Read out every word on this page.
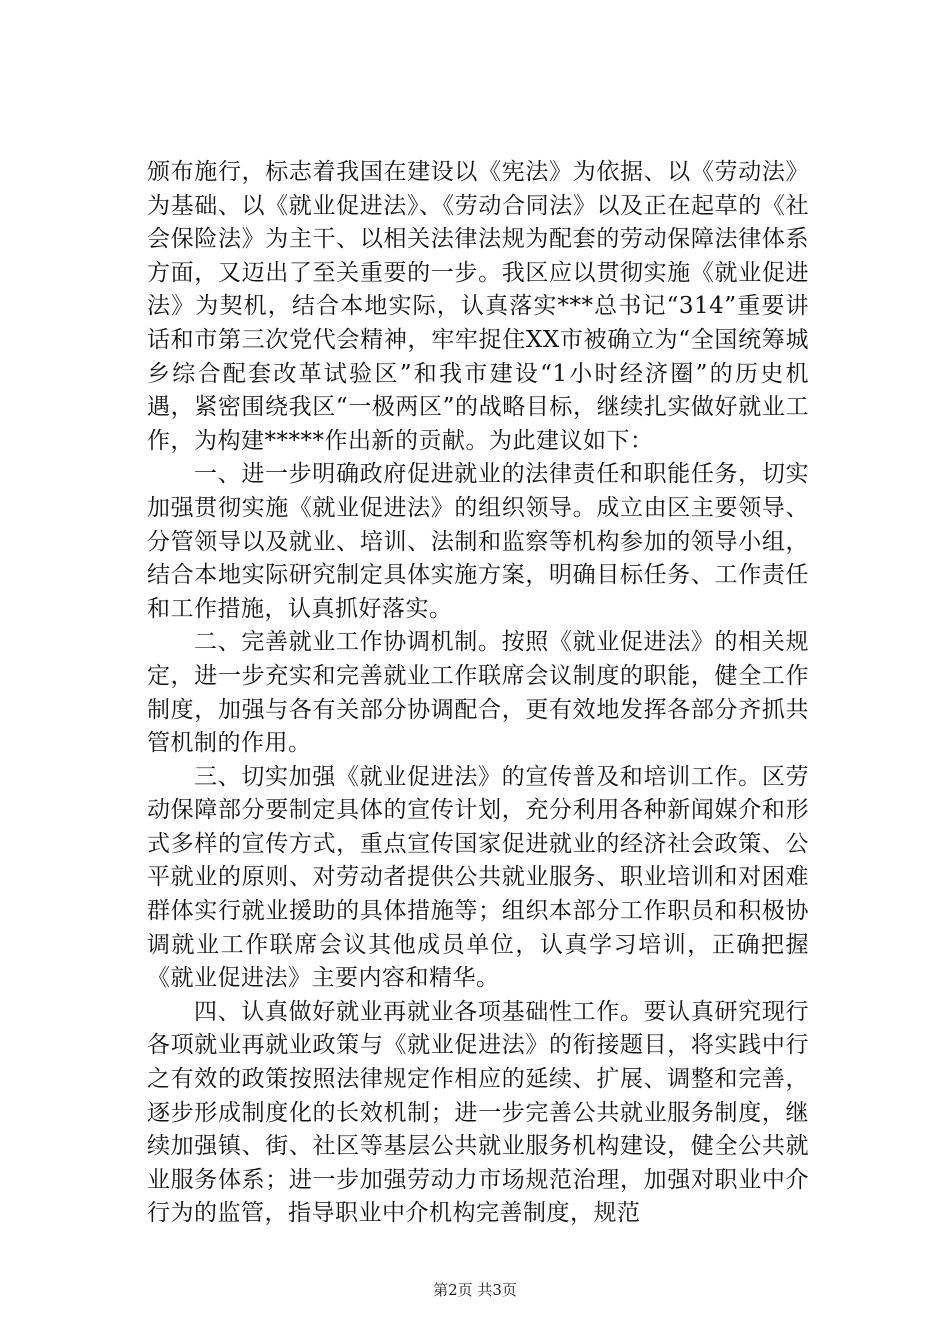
颁布施行，标志着我国在建设以《宪法》为依据、以《劳动法》为基础、以《就业促进法》、《劳动合同法》以及正在起草的《社会保险法》为主干、以相关法律法规为配套的劳动保障法律体系方面，又迈出了至关重要的一步。我区应以贯彻实施《就业促进法》为契机，结合本地实际，认真落实***总书记“314”重要讲话和市第三次党代会精神，牢牢捉住XX市被确立为“全国统筹城乡综合配套改革试验区”和我市建设“1小时经济圈”的历史机遇，紧密围绕我区“一极两区”的战略目标，继续扎实做好就业工作，为构建*****作出新的贡献。为此建议如下：

一、进一步明确政府促进就业的法律责任和职能任务，切实加强贯彻实施《就业促进法》的组织领导。成立由区主要领导、分管领导以及就业、培训、法制和监察等机构参加的领导小组，结合本地实际研究制定具体实施方案，明确目标任务、工作责任和工作措施，认真抓好落实。

二、完善就业工作协调机制。按照《就业促进法》的相关规定，进一步充实和完善就业工作联席会议制度的职能，健全工作制度，加强与各有关部分协调配合，更有效地发挥各部分齐抓共管机制的作用。

三、切实加强《就业促进法》的宣传普及和培训工作。区劳动保障部分要制定具体的宣传计划，充分利用各种新闻媒介和形式多样的宣传方式，重点宣传国家促进就业的经济社会政策、公平就业的原则、对劳动者提供公共就业服务、职业培训和对困难群体实行就业援助的具体措施等；组织本部分工作职员和积极协调就业工作联席会议其他成员单位，认真学习培训，正确把握《就业促进法》主要内容和精华。

四、认真做好就业再就业各项基础性工作。要认真研究现行各项就业再就业政策与《就业促进法》的衔接题目，将实践中行之有效的政策按照法律规定作相应的延续、扩展、调整和完善，逐步形成制度化的长效机制；进一步完善公共就业服务制度，继续加强镇、街、社区等基层公共就业服务机构建设，健全公共就业服务体系；进一步加强劳动力市场规范治理，加强对职业中介行为的监管，指导职业中介机构完善制度，规范

第2页 共3页
